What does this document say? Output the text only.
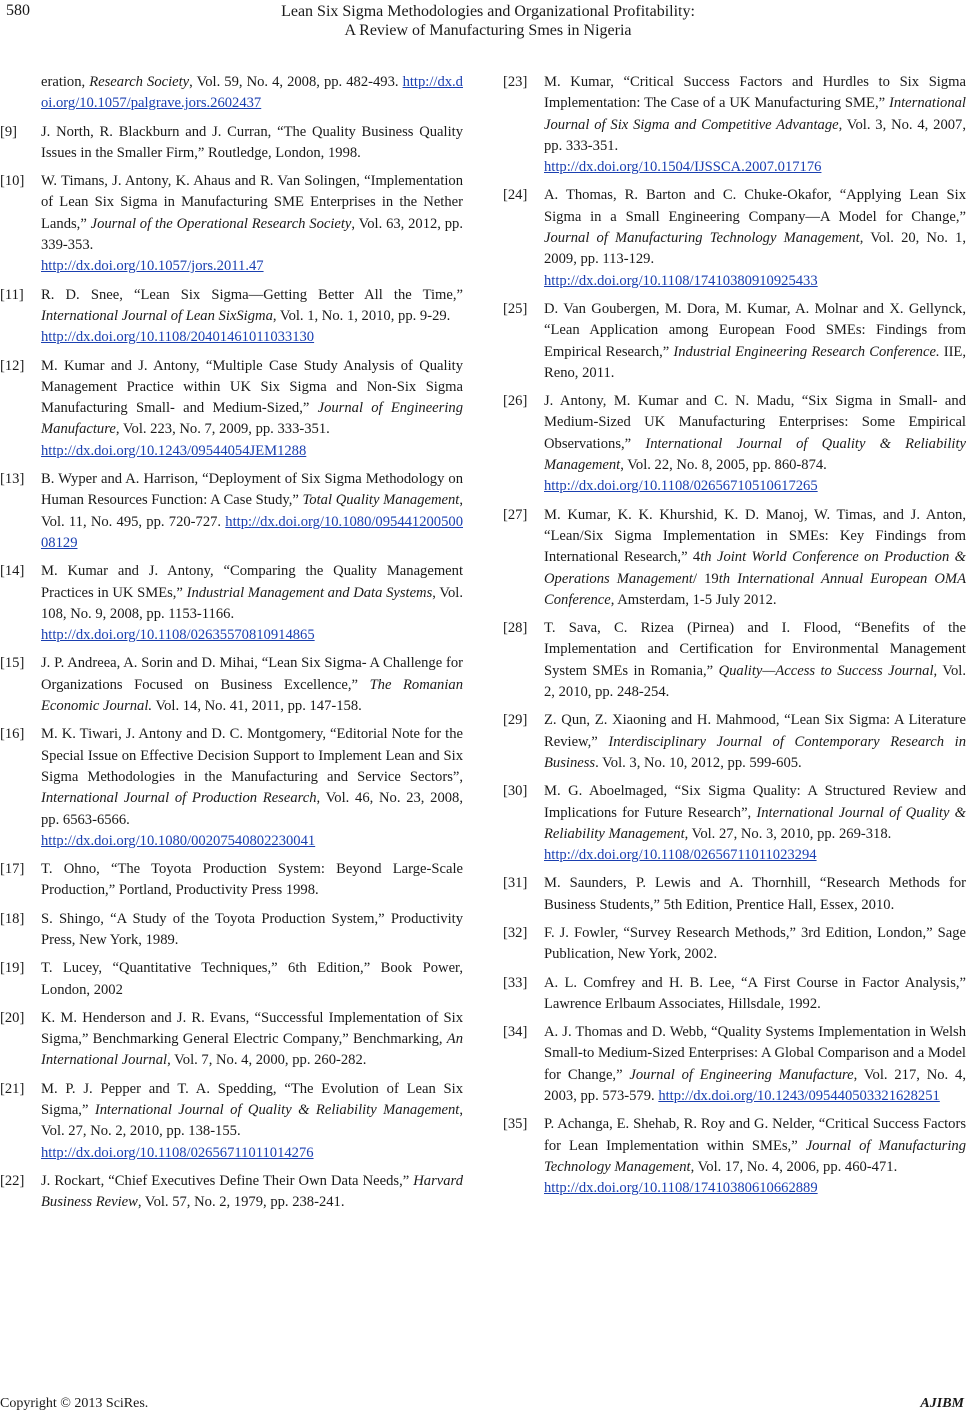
580	Lean Six Sigma Methodologies and Organizational Profitability:
A Review of Manufacturing Smes in Nigeria
eration, Research Society, Vol. 59, No. 4, 2008, pp. 482-493. http://dx.doi.org/10.1057/palgrave.jors.2602437
[9] J. North, R. Blackburn and J. Curran, “The Quality Business Quality Issues in the Smaller Firm,” Routledge, London, 1998.
[10] W. Timans, J. Antony, K. Ahaus and R. Van Solingen, “Implementation of Lean Six Sigma in Manufacturing SME Enterprises in the Nether Lands,” Journal of the Operational Research Society, Vol. 63, 2012, pp. 339-353.
http://dx.doi.org/10.1057/jors.2011.47
[11] R. D. Snee, “Lean Six Sigma—Getting Better All the Time,” International Journal of Lean SixSigma, Vol. 1, No. 1, 2010, pp. 9-29.
http://dx.doi.org/10.1108/20401461011033130
[12] M. Kumar and J. Antony, “Multiple Case Study Analysis of Quality Management Practice within UK Six Sigma and Non-Six Sigma Manufacturing Small- and Medium-Sized,” Journal of Engineering Manufacture, Vol. 223, No. 7, 2009, pp. 333-351.
http://dx.doi.org/10.1243/09544054JEM1288
[13] B. Wyper and A. Harrison, “Deployment of Six Sigma Methodology on Human Resources Function: A Case Study,” Total Quality Management, Vol. 11, No. 495, pp. 720-727. http://dx.doi.org/10.1080/09544120050008129
[14] M. Kumar and J. Antony, “Comparing the Quality Management Practices in UK SMEs,” Industrial Management and Data Systems, Vol. 108, No. 9, 2008, pp. 1153-1166.
http://dx.doi.org/10.1108/02635570810914865
[15] J. P. Andreea, A. Sorin and D. Mihai, “Lean Six Sigma- A Challenge for Organizations Focused on Business Excellence,” The Romanian Economic Journal. Vol. 14, No. 41, 2011, pp. 147-158.
[16] M. K. Tiwari, J. Antony and D. C. Montgomery, “Editorial Note for the Special Issue on Effective Decision Support to Implement Lean and Six Sigma Methodologies in the Manufacturing and Service Sectors”, International Journal of Production Research, Vol. 46, No. 23, 2008, pp. 6563-6566.
http://dx.doi.org/10.1080/00207540802230041
[17] T. Ohno, “The Toyota Production System: Beyond Large-Scale Production,” Portland, Productivity Press 1998.
[18] S. Shingo, “A Study of the Toyota Production System,” Productivity Press, New York, 1989.
[19] T. Lucey, “Quantitative Techniques,” 6th Edition,” Book Power, London, 2002
[20] K. M. Henderson and J. R. Evans, “Successful Implementation of Six Sigma,” Benchmarking General Electric Company,” Benchmarking, An International Journal, Vol. 7, No. 4, 2000, pp. 260-282.
[21] M. P. J. Pepper and T. A. Spedding, “The Evolution of Lean Six Sigma,” International Journal of Quality & Reliability Management, Vol. 27, No. 2, 2010, pp. 138-155.
http://dx.doi.org/10.1108/02656711011014276
[22] J. Rockart, “Chief Executives Define Their Own Data Needs,” Harvard Business Review, Vol. 57, No. 2, 1979, pp. 238-241.
[23] M. Kumar, “Critical Success Factors and Hurdles to Six Sigma Implementation: The Case of a UK Manufacturing SME,” International Journal of Six Sigma and Competitive Advantage, Vol. 3, No. 4, 2007, pp. 333-351.
http://dx.doi.org/10.1504/IJSSCA.2007.017176
[24] A. Thomas, R. Barton and C. Chuke-Okafor, “Applying Lean Six Sigma in a Small Engineering Company—A Model for Change,” Journal of Manufacturing Technology Management, Vol. 20, No. 1, 2009, pp. 113-129.
http://dx.doi.org/10.1108/17410380910925433
[25] D. Van Goubergen, M. Dora, M. Kumar, A. Molnar and X. Gellynck, “Lean Application among European Food SMEs: Findings from Empirical Research,” Industrial Engineering Research Conference. IIE, Reno, 2011.
[26] J. Antony, M. Kumar and C. N. Madu, “Six Sigma in Small- and Medium-Sized UK Manufacturing Enterprises: Some Empirical Observations,” International Journal of Quality & Reliability Management, Vol. 22, No. 8, 2005, pp. 860-874.
http://dx.doi.org/10.1108/02656710510617265
[27] M. Kumar, K. K. Khurshid, K. D. Manoj, W. Timas, and J. Anton, “Lean/Six Sigma Implementation in SMEs: Key Findings from International Research,” 4th Joint World Conference on Production & Operations Management/ 19th International Annual European OMA Conference, Amsterdam, 1-5 July 2012.
[28] T. Sava, C. Rizea (Pirnea) and I. Flood, “Benefits of the Implementation and Certification for Environmental Management System SMEs in Romania,” Quality—Access to Success Journal, Vol. 2, 2010, pp. 248-254.
[29] Z. Qun, Z. Xiaoning and H. Mahmood, “Lean Six Sigma: A Literature Review,” Interdisciplinary Journal of Contemporary Research in Business. Vol. 3, No. 10, 2012, pp. 599-605.
[30] M. G. Aboelmaged, “Six Sigma Quality: A Structured Review and Implications for Future Research”, International Journal of Quality & Reliability Management, Vol. 27, No. 3, 2010, pp. 269-318.
http://dx.doi.org/10.1108/02656711011023294
[31] M. Saunders, P. Lewis and A. Thornhill, “Research Methods for Business Students,” 5th Edition, Prentice Hall, Essex, 2010.
[32] F. J. Fowler, “Survey Research Methods,” 3rd Edition, London,” Sage Publication, New York, 2002.
[33] A. L. Comfrey and H. B. Lee, “A First Course in Factor Analysis,” Lawrence Erlbaum Associates, Hillsdale, 1992.
[34] A. J. Thomas and D. Webb, “Quality Systems Implementation in Welsh Small-to Medium-Sized Enterprises: A Global Comparison and a Model for Change,” Journal of Engineering Manufacture, Vol. 217, No. 4, 2003, pp. 573-579. http://dx.doi.org/10.1243/095440503321628251
[35] P. Achanga, E. Shehab, R. Roy and G. Nelder, “Critical Success Factors for Lean Implementation within SMEs,” Journal of Manufacturing Technology Management, Vol. 17, No. 4, 2006, pp. 460-471.
http://dx.doi.org/10.1108/17410380610662889
Copyright © 2013 SciRes.	AJIBM
